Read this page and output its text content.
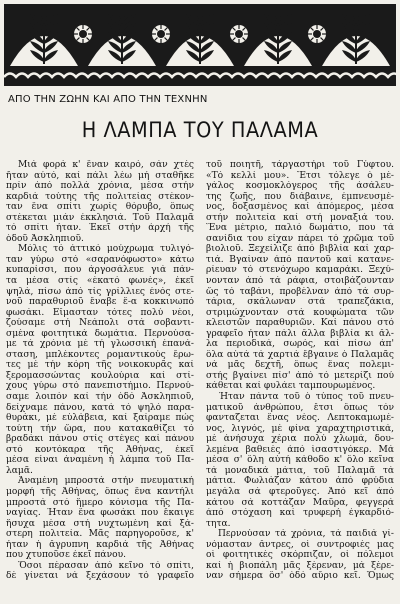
ΑΠΟ ΤΗΝ ΖΩΗΝ ΚΑΙ ΑΠΟ ΤΗΝ ΤΕΧΝΗΝ
Η ΛΑΜΠΑ ΤΟΥ ΠΑΛΑΜΑ
Μιά φορά κ' ἕναν καιρό, σάν χτές
ἤταν αὐτό, καί πάλι λέω μή σταθῆκε
πρίν ἀπό πολλά χρόνια, μέσα στήν
καρδιά τούτης τῆς πολιτείας στέκον-
ταν ἕνα σπίτι χωρίς θόρυβο, ὅπως
στέκεται μιάν ἐκκλησιά. Τοῦ Παλαμᾶ
τό σπίτι ἦταν. Ἐκεῖ στήν ἀρχή τῆς
ὁδοῦ Ἀσκληπιοῦ.
Μόλις τό ἀττικό μούχρωμα τυλιγό-
ταν γύρω στό «σαρανόφωστο» κάτω
κυπαρίσσι, που ἀργοσάλευε γιά πάν-
τα μέσα στίς «ἑκατό φωνές», ἐκεῖ
ψηλά, πίσω ἀπό τίς γρίλλιες ἐνός στε-
νοῦ παραθυριοῦ ἔναβε ἕ-α κοκκινωπό
φωσάκι. Εἴμασταν τότες πολύ νέοι,
ζούσαμε στή Νεάπολι στά σοβαντι-
σμένα φοιτητικά δωμάτια. Περνούσα-
με τά χρόνια μέ τή γλωσσική ἐπανά-
σταση, μπλέκοντες ρομαντικούς ἔρω-
τες μέ τήν κόρη τῆς νοικοκυρᾶς καί
ξερομασσώντας κουλούρια καί στί-
χους γύρω στό πανεπιστήμιο. Περνού-
σαμε λοιπόν καί τήν ὁδό Ἀσκληπιοῦ,
δείχναμε πάνου, κατά τό ψηλό παρα-
θυράκι, μέ εὐλάβεια, καί ξαίραμε πώς
τούτη τήν ὥρα, που κατακαθίζει τό
βραδάκι πάνου στίς στέγες καί πάνου
στό κοντόκαρα τῆς Ἀθήνας, ἐκεῖ
μέσα εἶναι ἀναμένη ἡ λάμπα τοῦ Πα-
λαμᾶ.
Ἀναμένη μπροστά στήν πνευματική
μορφή τῆς Ἀθήνας, ὅπως ἕνα καντήλι
μπροστά στό ἥμερο κόνισμα τῆς Πα-
ναγίας. Ἦταν ἕνα φωσάκι που ἔκαιγε
ἥσυχα μέσα στή νυχτωμένη καί ξά-
στερη πολιτεία. Μᾶς παρηγοροῦσε, κ'
ἦταν ἡ ἄγρυπνη καρδιά τῆς Ἀθήνας
που χτυποῦσε ἐκεῖ πάνου.
Ὅσοι πέρασαν ἀπό κεῖνο τό σπίτι,
δέ γίνεται νά ξεχάσουν τό γραφεῖο
τοῦ ποιητῆ, τάργαστήρι τοῦ Γύφτου.
«Τό κελλί μου». Ἔτσι τόλεγε ὁ μέ-
γάλος κοσμοκλόγερος τῆς ἀσάλευ-
της ζωῆς, που διάβαινε, ἐμπνευσμέ-
νος, δοξασμένος καί ἀπόμερος, μέσα
στήν πολιτεία καί στή μοναξιά του.
Ἕνα μέτριο, παλιό δωμάτιο, που τά
σανίδια του εἶχαν πάρει τό χρῶμα τοῦ
βιολιοῦ. Ξεχείλιζε ἀπό βιβλία καί χαρ-
τιά. Βγαίναν ἀπό παντοῦ καί κατανε-
ρίευαν τό στενόχωρο καμαράκι. Ξεχύ-
νονταν ἀπό τά ράφια, στοιβάζουνταν
ὥς τό ταβάνι, προβέλναν ἀπό τά συρ-
τάρια, σκάλωναν στά τραπεζάκια,
στριμώχνονταν στά κουφώματα τῶν
κλειστῶν παραθυριῶν. Καί πάνου στό
γραφεῖο ἦταν πάλι ἄλλα βιβλία κι ἄλ-
λα περιοδικά, σωρός, καί πίσω ἀπ'
ὅλα αὐτά τά χαρτιά ἔβγαινε ὁ Παλαμᾶς
νά μᾶς δεχτῆ, ὅπως ἕνας πολεμι-
στής βγαίνει πίσ' ἀπό τό μετερίζι πού
κάθεται καί φυλάει ταμπουρωμένος.
Ἦταν πάντα τοῦ ὁ τύπος τοῦ πνευ-
ματικοῦ ἀνθρώπου, ἔτσι ὅπως τόν
φανταζεται ἕνας νέος. Λεπτοκαμωμέ-
νος, λιγνός, μέ φίνα χαραχτηριστικά,
μέ ἀνήσυχα χέρια πολύ χλωμά, δου-
λεμένα βαθειές ἀπό ἱσαστιγόκερ. Μά
μέσα σ' ὅλη αὐτή κάθοδο κ' ὅλο κεῖνα
τά μοναδικά μάτια, τοῦ Παλαμᾶ τά
μάτια. Φωλιάζαν κάτου ἀπό φρύδια
μεγάλα σά φτεροῦγες. Ἀπό κεῖ ἀπό
κάτου σά κοττάζαν Μαῦρα, φεγγερά
ἀπό στόχαση καί τρυφερή ἐγκαρδιό-
τητα.
Περνούσαν τά χρόνια, τά παιδιά γί-
νόμασταν ἄντρες, οἱ συντροφιές μας
οἱ φοιτητικές σκόρπιζαν, οἱ πόλεμοι
καί ἡ βιοπάλη μᾶς ξέρεναν, μά ξέρε-
ναν σήμερα ὅσ' ὁδό αὔριο κεῖ. Ὅμως
